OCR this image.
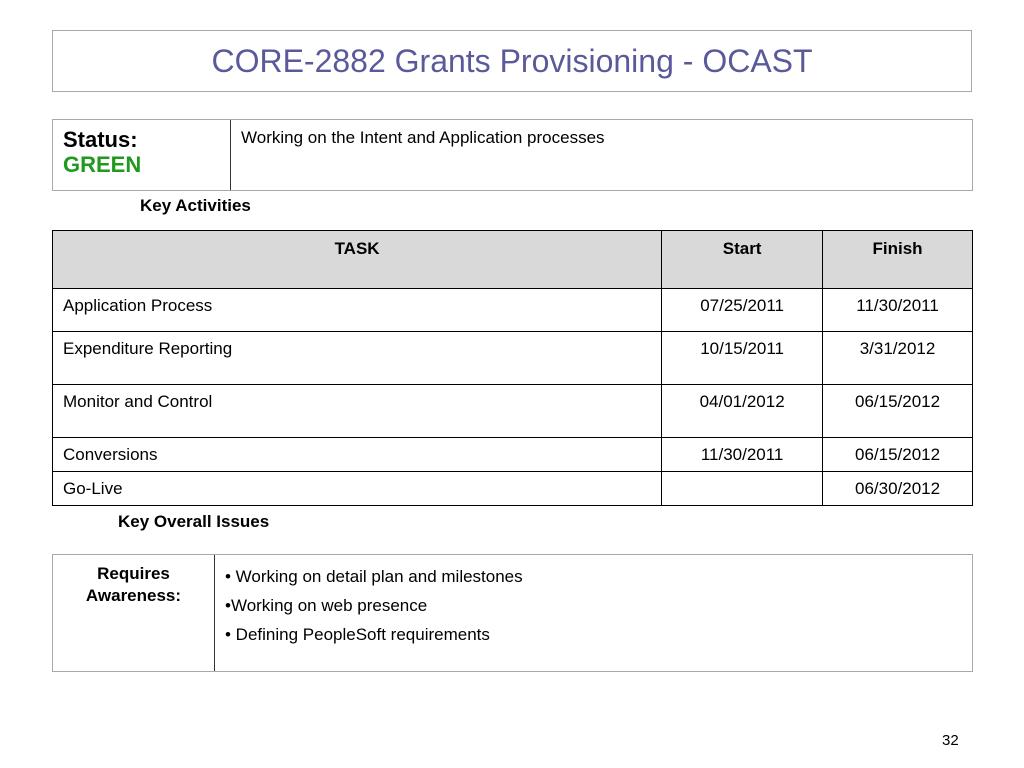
CORE-2882 Grants Provisioning - OCAST
Status:
GREEN
Working on the Intent and Application processes
Key Activities
TASK	Start	Finish
Application Process	07/25/2011	11/30/2011
Expenditure Reporting	10/15/2011	3/31/2012
Monitor and Control	04/01/2012	06/15/2012
Conversions	11/30/2011	06/15/2012
Go-Live		06/30/2012
Key Overall Issues
Requires
Awareness:
• Working on detail plan and milestones
•Working on web presence
• Defining PeopleSoft requirements
32
